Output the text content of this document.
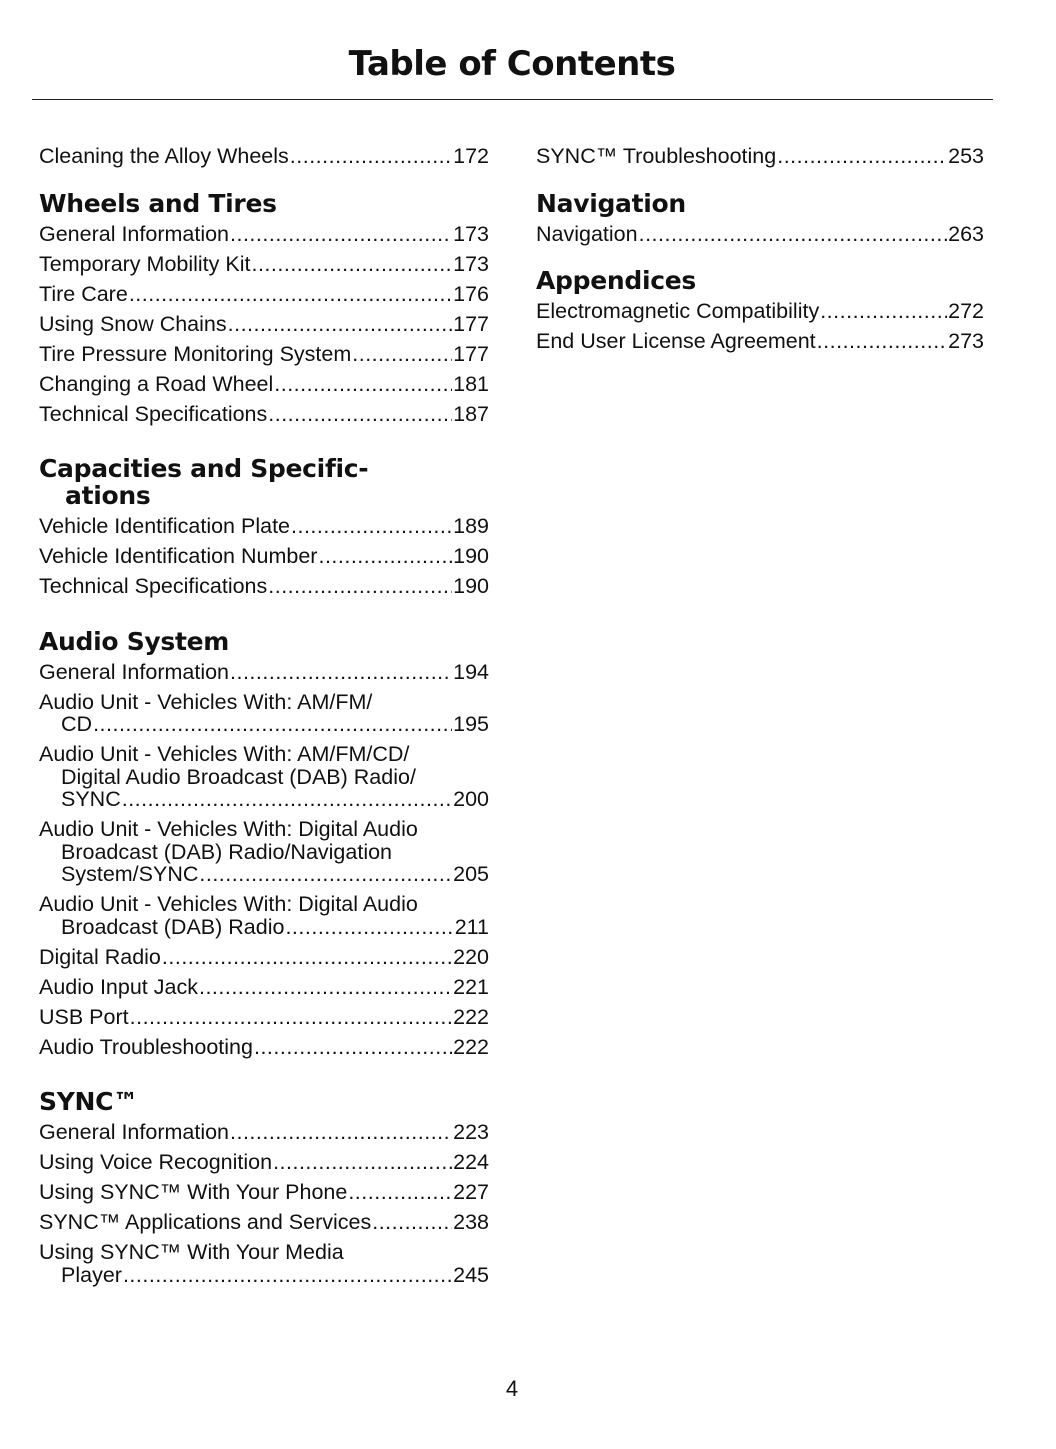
Table of Contents
Cleaning the Alloy Wheels .....	172
Wheels and Tires
General Information .....	173
Temporary Mobility Kit .....	173
Tire Care .....	176
Using Snow Chains .....	177
Tire Pressure Monitoring System .....	177
Changing a Road Wheel .....	181
Technical Specifications .....	187
Capacities and Specific-
ations
Vehicle Identification Plate .....	189
Vehicle Identification Number .....	190
Technical Specifications .....	190
Audio System
General Information .....	194
Audio Unit - Vehicles With: AM/FM/
CD .....	195
Audio Unit - Vehicles With: AM/FM/CD/
Digital Audio Broadcast (DAB) Radio/
SYNC .....	200
Audio Unit - Vehicles With: Digital Audio
Broadcast (DAB) Radio/Navigation
System/SYNC .....	205
Audio Unit - Vehicles With: Digital Audio
Broadcast (DAB) Radio .....	211
Digital Radio .....	220
Audio Input Jack .....	221
USB Port .....	222
Audio Troubleshooting .....	222
SYNC™
General Information .....	223
Using Voice Recognition .....	224
Using SYNC™ With Your Phone .....	227
SYNC™ Applications and Services .....	238
Using SYNC™ With Your Media
Player .....	245
SYNC™ Troubleshooting .....	253
Navigation
Navigation .....	263
Appendices
Electromagnetic Compatibility .....	272
End User License Agreement .....	273
4
